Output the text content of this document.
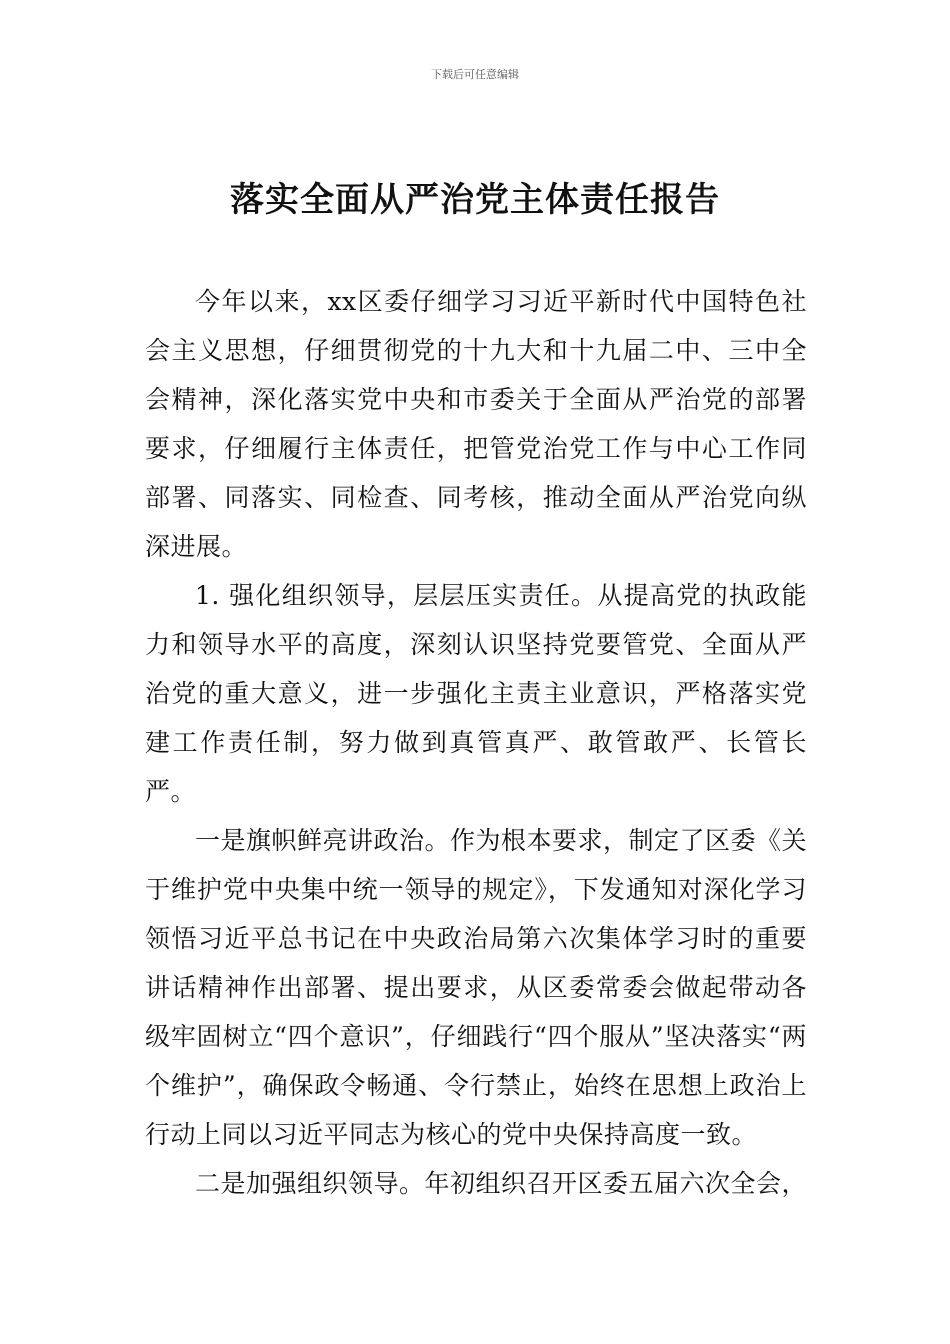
下载后可任意编辑
落实全面从严治党主体责任报告

今年以来，xx区委仔细学习习近平新时代中国特色社会主义思想，仔细贯彻党的十九大和十九届二中、三中全会精神，深化落实党中央和市委关于全面从严治党的部署要求，仔细履行主体责任，把管党治党工作与中心工作同部署、同落实、同检查、同考核，推动全面从严治党向纵深进展。

1. 强化组织领导，层层压实责任。从提高党的执政能力和领导水平的高度，深刻认识坚持党要管党、全面从严治党的重大意义，进一步强化主责主业意识，严格落实党建工作责任制，努力做到真管真严、敢管敢严、长管长严。

一是旗帜鲜亮讲政治。作为根本要求，制定了区委《关于维护党中央集中统一领导的规定》，下发通知对深化学习领悟习近平总书记在中央政治局第六次集体学习时的重要讲话精神作出部署、提出要求，从区委常委会做起带动各级牢固树立“四个意识”，仔细践行“四个服从”坚决落实“两个维护”，确保政令畅通、令行禁止，始终在思想上政治上行动上同以习近平同志为核心的党中央保持高度一致。

二是加强组织领导。年初组织召开区委五届六次全会，
